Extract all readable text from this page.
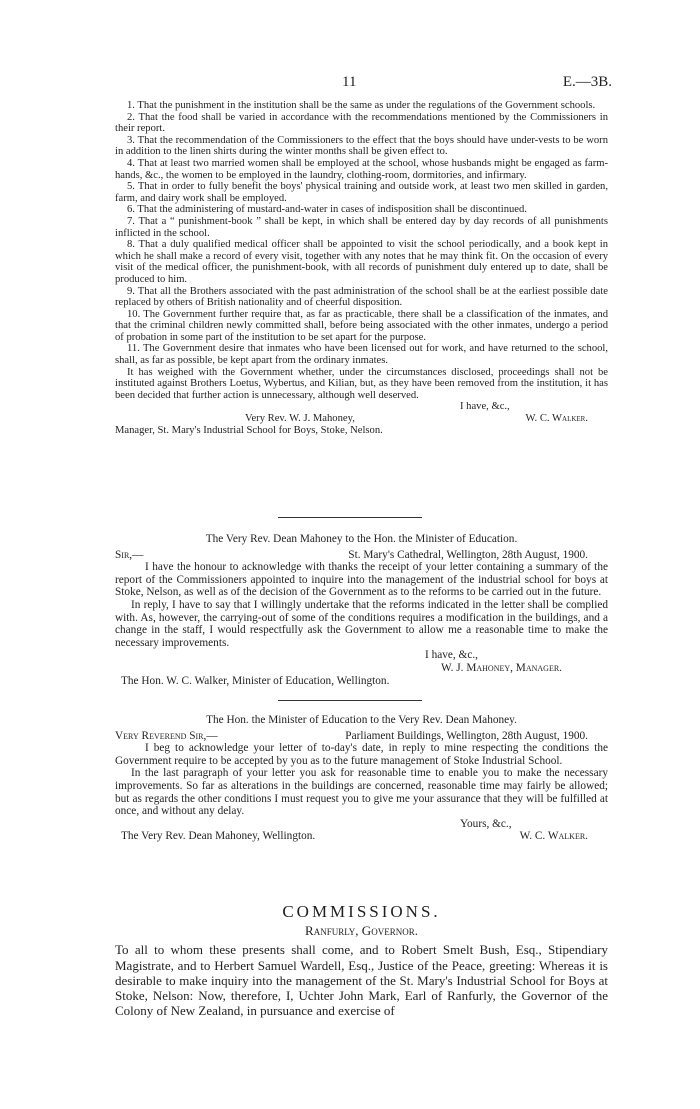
11	E.—3B.

1. That the punishment in the institution shall be the same as under the regulations of the Government schools.

2. That the food shall be varied in accordance with the recommendations mentioned by the Commissioners in their report.

3. That the recommendation of the Commissioners to the effect that the boys should have under-vests to be worn in addition to the linen shirts during the winter months shall be given effect to.

4. That at least two married women shall be employed at the school, whose husbands might be engaged as farm-hands, &c., the women to be employed in the laundry, clothing-room, dormitories, and infirmary.

5. That in order to fully benefit the boys' physical training and outside work, at least two men skilled in garden, farm, and dairy work shall be employed.

6. That the administering of mustard-and-water in cases of indisposition shall be discontinued.

7. That a “ punishment-book ” shall be kept, in which shall be entered day by day records of all punishments inflicted in the school.

8. That a duly qualified medical officer shall be appointed to visit the school periodically, and a book kept in which he shall make a record of every visit, together with any notes that he may think fit. On the occasion of every visit of the medical officer, the punishment-book, with all records of punishment duly entered up to date, shall be produced to him.

9. That all the Brothers associated with the past administration of the school shall be at the earliest possible date replaced by others of British nationality and of cheerful disposition.

10. The Government further require that, as far as practicable, there shall be a classification of the inmates, and that the criminal children newly committed shall, before being associated with the other inmates, undergo a period of probation in some part of the institution to be set apart for the purpose.

11. The Government desire that inmates who have been licensed out for work, and have returned to the school, shall, as far as possible, be kept apart from the ordinary inmates.

It has weighed with the Government whether, under the circumstances disclosed, proceedings shall not be instituted against Brothers Loetus, Wybertus, and Kilian, but, as they have been removed from the institution, it has been decided that further action is unnecessary, although well deserved.

I have, &c.,
Very Rev. W. J. Mahoney,	W. C. Walker.
Manager, St. Mary's Industrial School for Boys, Stoke, Nelson.
The Very Rev. Dean Mahoney to the Hon. the Minister of Education.
Sir,—	St. Mary's Cathedral, Wellington, 28th August, 1900.

I have the honour to acknowledge with thanks the receipt of your letter containing a summary of the report of the Commissioners appointed to inquire into the management of the industrial school for boys at Stoke, Nelson, as well as of the decision of the Government as to the reforms to be carried out in the future.

In reply, I have to say that I willingly undertake that the reforms indicated in the letter shall be complied with. As, however, the carrying-out of some of the conditions requires a modification in the buildings, and a change in the staff, I would respectfully ask the Government to allow me a reasonable time to make the necessary improvements.

I have, &c.,
W. J. Mahoney, Manager.
The Hon. W. C. Walker, Minister of Education, Wellington.
The Hon. the Minister of Education to the Very Rev. Dean Mahoney.
Very Reverend Sir,—	Parliament Buildings, Wellington, 28th August, 1900.

I beg to acknowledge your letter of to-day's date, in reply to mine respecting the conditions the Government require to be accepted by you as to the future management of Stoke Industrial School.

In the last paragraph of your letter you ask for reasonable time to enable you to make the necessary improvements. So far as alterations in the buildings are concerned, reasonable time may fairly be allowed; but as regards the other conditions I must request you to give me your assurance that they will be fulfilled at once, and without any delay.

Yours, &c.,
The Very Rev. Dean Mahoney, Wellington.	W. C. Walker.
COMMISSIONS.
Ranfurly, Governor.

To all to whom these presents shall come, and to Robert Smelt Bush, Esq., Stipendiary Magistrate, and to Herbert Samuel Wardell, Esq., Justice of the Peace, greeting: Whereas it is desirable to make inquiry into the management of the St. Mary's Industrial School for Boys at Stoke, Nelson: Now, therefore, I, Uchter John Mark, Earl of Ranfurly, the Governor of the Colony of New Zealand, in pursuance and exercise of
